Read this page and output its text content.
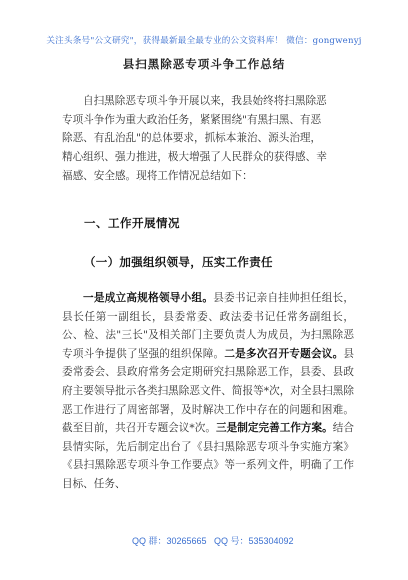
关注头条号"公文研究"，获得最新最全最专业的公文资料库！ 微信：gongwenyj
县扫黑除恶专项斗争工作总结
自扫黑除恶专项斗争开展以来，我县始终将扫黑除恶
专项斗争作为重大政治任务，紧紧围绕"有黑扫黑、有恶
除恶、有乱治乱"的总体要求，抓标本兼治、源头治理，
精心组织、强力推进，极大增强了人民群众的获得感、幸
福感、安全感。现将工作情况总结如下：
一、工作开展情况
（一）加强组织领导，压实工作责任

一是成立高规格领导小组。县委书记亲自挂帅担任组长，县长任第一副组长，县委常委、政法委书记任常务副组长，公、检、法"三长"及相关部门主要负责人为成员，为扫黑除恶专项斗争提供了坚强的组织保障。二是多次召开专题会议。县委常委会、县政府常务会定期研究扫黑除恶工作，县委、县政府主要领导批示各类扫黑除恶文件、简报等*次，对全县扫黑除恶工作进行了周密部署，及时解决工作中存在的问题和困难。截至目前，共召开专题会议*次。三是制定完善工作方案。结合县情实际，先后制定出台了《县扫黑除恶专项斗争实施方案》《县扫黑除恶专项斗争工作要点》等一系列文件，明确了工作目标、任务、

QQ 群：30265665 QQ 号：535304092
